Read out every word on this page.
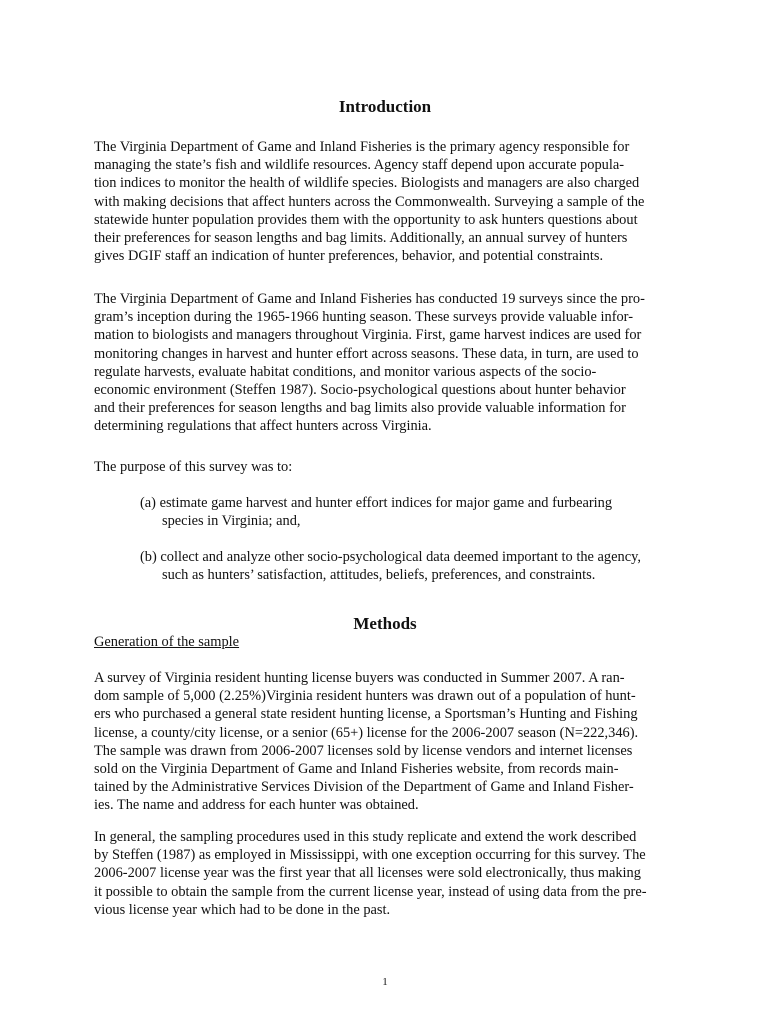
Introduction

The Virginia Department of Game and Inland Fisheries is the primary agency responsible for
managing the state’s fish and wildlife resources. Agency staff depend upon accurate popula-
tion indices to monitor the health of wildlife species. Biologists and managers are also charged
with making decisions that affect hunters across the Commonwealth. Surveying a sample of the
statewide hunter population provides them with the opportunity to ask hunters questions about
their preferences for season lengths and bag limits. Additionally, an annual survey of hunters
gives DGIF staff an indication of hunter preferences, behavior, and potential constraints.

The Virginia Department of Game and Inland Fisheries has conducted 19 surveys since the pro-
gram’s inception during the 1965-1966 hunting season. These surveys provide valuable infor-
mation to biologists and managers throughout Virginia. First, game harvest indices are used for
monitoring changes in harvest and hunter effort across seasons. These data, in turn, are used to
regulate harvests, evaluate habitat conditions, and monitor various aspects of the socio-
economic environment (Steffen 1987). Socio-psychological questions about hunter behavior
and their preferences for season lengths and bag limits also provide valuable information for
determining regulations that affect hunters across Virginia.

The purpose of this survey was to:

(a) estimate game harvest and hunter effort indices for major game and furbearing
species in Virginia; and,
(b) collect and analyze other socio-psychological data deemed important to the agency,
such as hunters’ satisfaction, attitudes, beliefs, preferences, and constraints.
Methods

Generation of the sample

A survey of Virginia resident hunting license buyers was conducted in Summer 2007. A ran-
dom sample of 5,000 (2.25%)Virginia resident hunters was drawn out of a population of hunt-
ers who purchased a general state resident hunting license, a Sportsman’s Hunting and Fishing
license, a county/city license, or a senior (65+) license for the 2006-2007 season (N=222,346).
The sample was drawn from 2006-2007 licenses sold by license vendors and internet licenses
sold on the Virginia Department of Game and Inland Fisheries website, from records main-
tained by the Administrative Services Division of the Department of Game and Inland Fisher-
ies. The name and address for each hunter was obtained.

In general, the sampling procedures used in this study replicate and extend the work described
by Steffen (1987) as employed in Mississippi, with one exception occurring for this survey. The
2006-2007 license year was the first year that all licenses were sold electronically, thus making
it possible to obtain the sample from the current license year, instead of using data from the pre-
vious license year which had to be done in the past.

1
